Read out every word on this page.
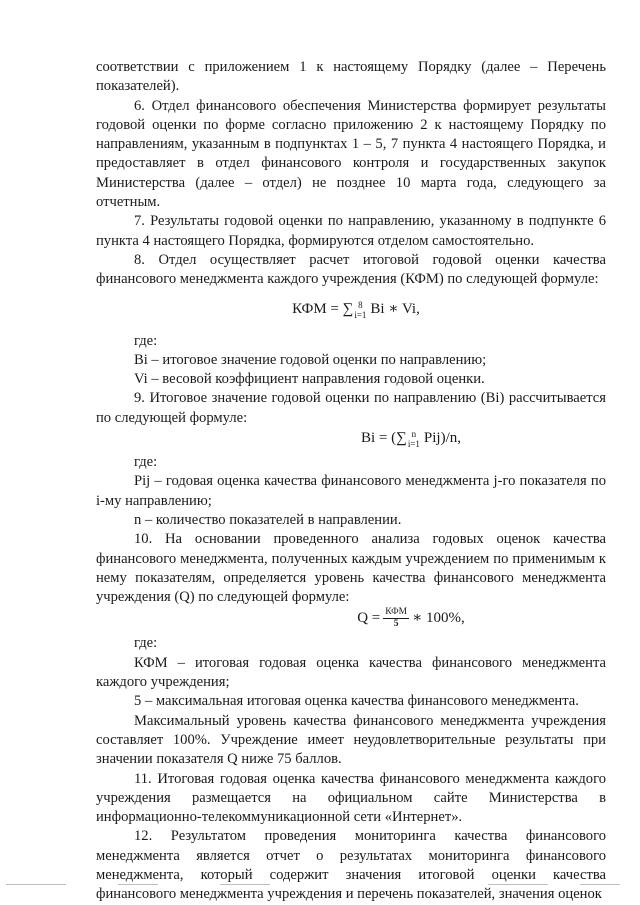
соответствии с приложением 1 к настоящему Порядку (далее – Перечень показателей).

6. Отдел финансового обеспечения Министерства формирует результаты годовой оценки по форме согласно приложению 2 к настоящему Порядку по направлениям, указанным в подпунктах 1 – 5, 7 пункта 4 настоящего Порядка, и предоставляет в отдел финансового контроля и государственных закупок Министерства (далее – отдел) не позднее 10 марта года, следующего за отчетным.

7. Результаты годовой оценки по направлению, указанному в подпункте 6 пункта 4 настоящего Порядка, формируются отделом самостоятельно.

8. Отдел осуществляет расчет итоговой годовой оценки качества финансового менеджмента каждого учреждения (КФМ) по следующей формуле:

КФМ = ∑ 8
i=1 Bi ∗ Vi,

где:

Bi – итоговое значение годовой оценки по направлению;

Vi – весовой коэффициент направления годовой оценки.

9. Итоговое значение годовой оценки по направлению (Bi) рассчитывается по следующей формуле:

Bi = (∑ n
i=1 Pij)/n,

где:

Pij – годовая оценка качества финансового менеджмента j-го показателя по i-му направлению;

n – количество показателей в направлении.

10. На основании проведенного анализа годовых оценок качества финансового менеджмента, полученных каждым учреждением по применимым к нему показателям, определяется уровень качества финансового менеджмента учреждения (Q) по следующей формуле:

$Q = \frac{\text{КФМ}}{5}$ ∗ 100%,

где:

КФМ – итоговая годовая оценка качества финансового менеджмента каждого учреждения;

5 – максимальная итоговая оценка качества финансового менеджмента.

Максимальный уровень качества финансового менеджмента учреждения составляет 100%. Учреждение имеет неудовлетворительные результаты при значении показателя Q ниже 75 баллов.

11. Итоговая годовая оценка качества финансового менеджмента каждого учреждения размещается на официальном сайте Министерства в информационно-телекоммуникационной сети «Интернет».

12. Результатом проведения мониторинга качества финансового менеджмента является отчет о результатах мониторинга финансового менеджмента, который содержит значения итоговой оценки качества финансового менеджмента учреждения и перечень показателей, значения оценок
